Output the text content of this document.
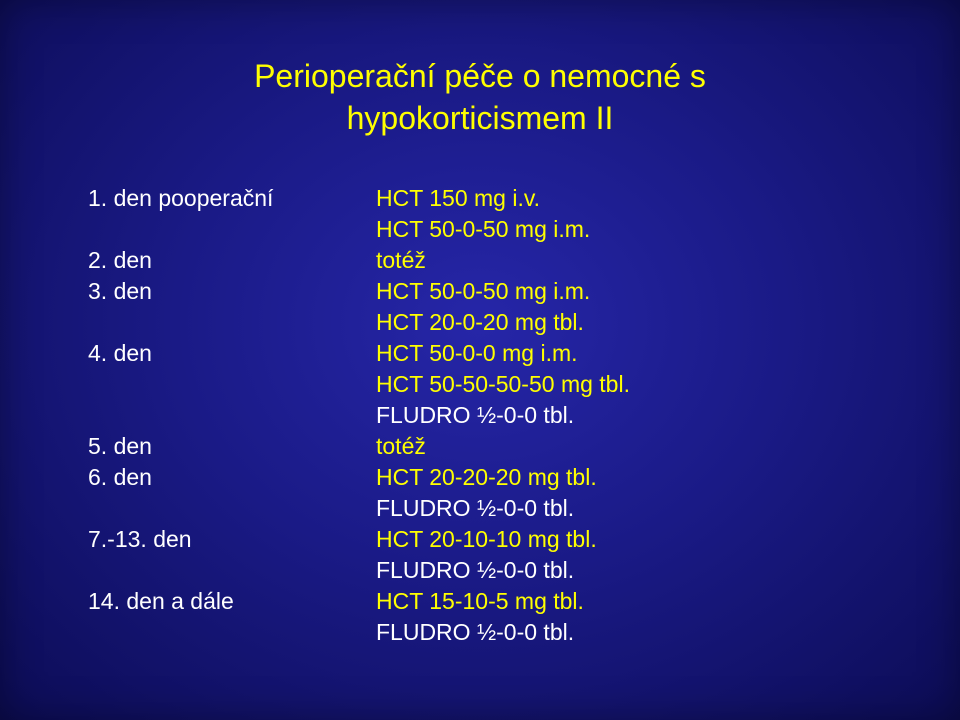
Perioperační péče o nemocné s
hypokorticismem II
1. den pooperační	HCT 150 mg i.v.
HCT 50-0-50 mg i.m.
2. den	totéž
3. den	HCT 50-0-50 mg i.m.
HCT 20-0-20 mg tbl.
4. den	HCT 50-0-0 mg i.m.
HCT 50-50-50-50 mg tbl.
FLUDRO ½-0-0 tbl.
5. den	totéž
6. den	HCT 20-20-20 mg tbl.
FLUDRO ½-0-0 tbl.
7.-13. den	HCT 20-10-10 mg tbl.
FLUDRO ½-0-0 tbl.
14. den a dále	HCT 15-10-5 mg tbl.
FLUDRO ½-0-0 tbl.
